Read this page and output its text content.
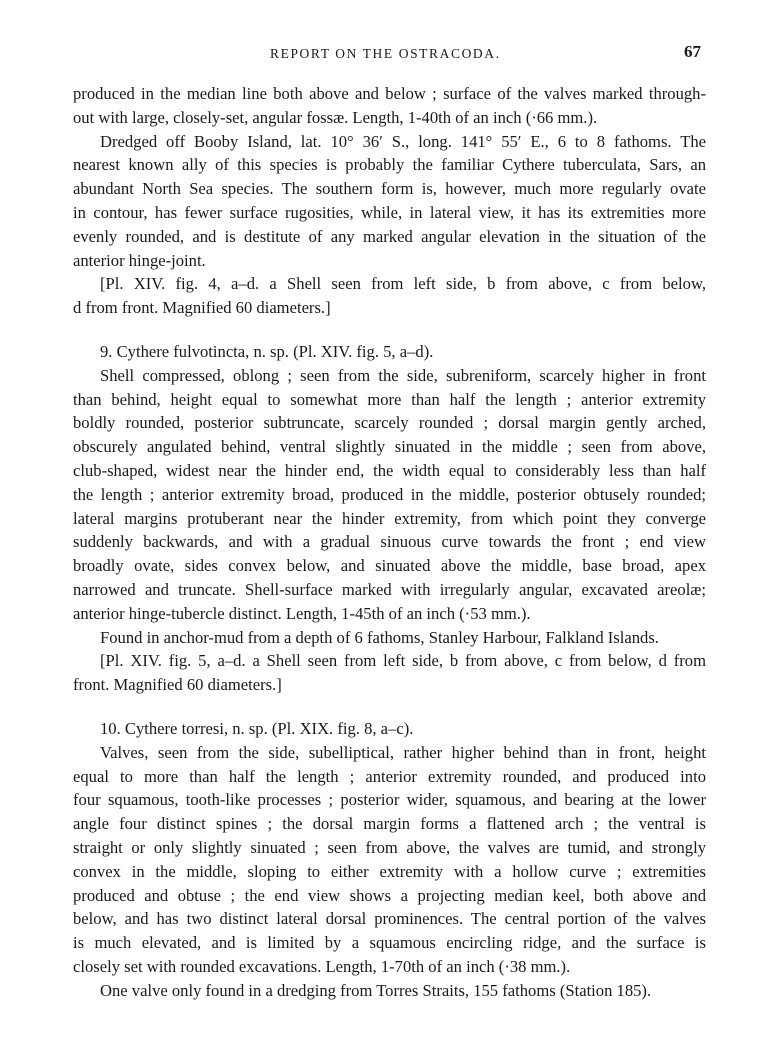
REPORT ON THE OSTRACODA.	67
produced in the median line both above and below ; surface of the valves marked through-
out with large, closely-set, angular fossæ. Length, 1-40th of an inch (·66 mm.).
Dredged off Booby Island, lat. 10° 36′ S., long. 141° 55′ E., 6 to 8 fathoms. The
nearest known ally of this species is probably the familiar Cythere tuberculata, Sars, an
abundant North Sea species. The southern form is, however, much more regularly ovate
in contour, has fewer surface rugosities, while, in lateral view, it has its extremities more
evenly rounded, and is destitute of any marked angular elevation in the situation of the
anterior hinge-joint.
[Pl. XIV. fig. 4, a–d. a Shell seen from left side, b from above, c from below,
d from front. Magnified 60 diameters.]
9. Cythere fulvotincta, n. sp. (Pl. XIV. fig. 5, a–d).
Shell compressed, oblong ; seen from the side, subreniform, scarcely higher in front
than behind, height equal to somewhat more than half the length ; anterior extremity
boldly rounded, posterior subtruncate, scarcely rounded ; dorsal margin gently arched,
obscurely angulated behind, ventral slightly sinuated in the middle ; seen from above,
club-shaped, widest near the hinder end, the width equal to considerably less than half
the length ; anterior extremity broad, produced in the middle, posterior obtusely rounded;
lateral margins protuberant near the hinder extremity, from which point they converge
suddenly backwards, and with a gradual sinuous curve towards the front ; end view
broadly ovate, sides convex below, and sinuated above the middle, base broad, apex
narrowed and truncate. Shell-surface marked with irregularly angular, excavated areolæ;
anterior hinge-tubercle distinct. Length, 1-45th of an inch (·53 mm.).
Found in anchor-mud from a depth of 6 fathoms, Stanley Harbour, Falkland Islands.
[Pl. XIV. fig. 5, a–d. a Shell seen from left side, b from above, c from below, d from
front. Magnified 60 diameters.]
10. Cythere torresi, n. sp. (Pl. XIX. fig. 8, a–c).
Valves, seen from the side, subelliptical, rather higher behind than in front, height
equal to more than half the length ; anterior extremity rounded, and produced into
four squamous, tooth-like processes ; posterior wider, squamous, and bearing at the lower
angle four distinct spines ; the dorsal margin forms a flattened arch ; the ventral is
straight or only slightly sinuated ; seen from above, the valves are tumid, and strongly
convex in the middle, sloping to either extremity with a hollow curve ; extremities
produced and obtuse ; the end view shows a projecting median keel, both above and
below, and has two distinct lateral dorsal prominences. The central portion of the valves
is much elevated, and is limited by a squamous encircling ridge, and the surface is
closely set with rounded excavations. Length, 1-70th of an inch (·38 mm.).
One valve only found in a dredging from Torres Straits, 155 fathoms (Station 185).
